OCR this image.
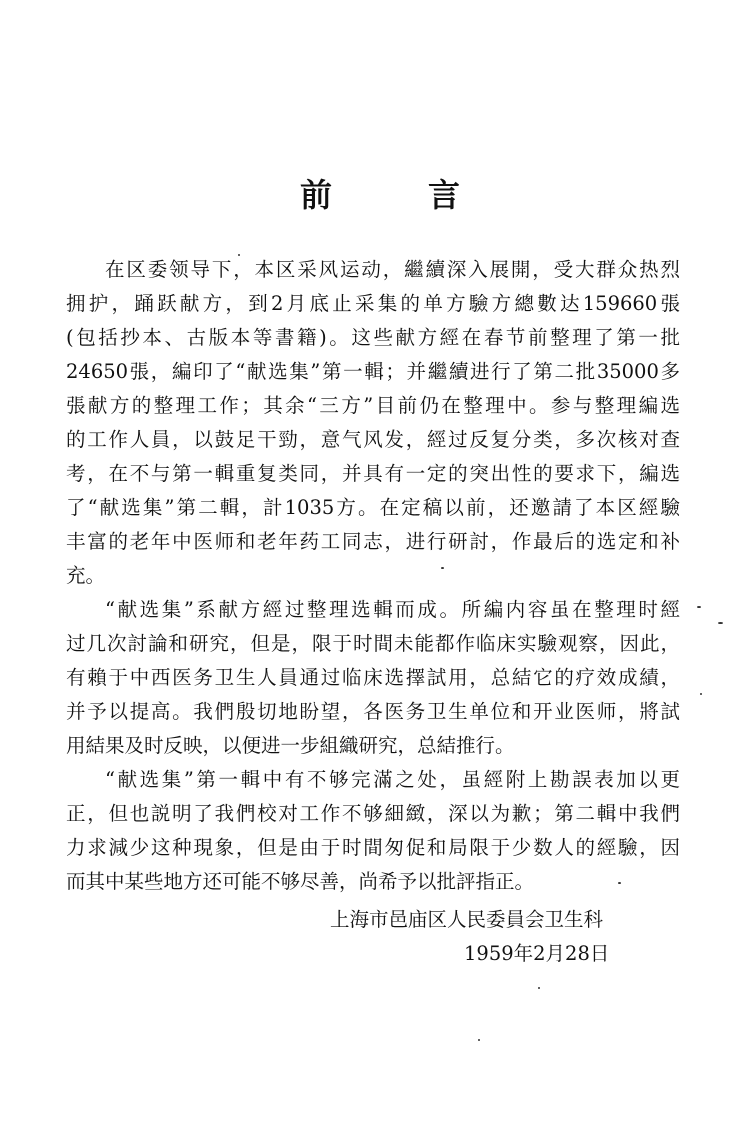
前	言
在区委领导下，本区采风运动，繼續深入展開，受大群众热烈
拥护，踊跃献方，到2月底止采集的单方驗方總數达159660張
(包括抄本、古版本等書籍)。这些献方經在春节前整理了第一批
24650張，編印了“献选集”第一輯；并繼續进行了第二批35000多
張献方的整理工作；其余“三方”目前仍在整理中。参与整理編选
的工作人員，以鼓足干勁，意气风发，經过反复分类，多次核对查
考，在不与第一輯重复类同，并具有一定的突出性的要求下，編选
了“献选集”第二輯，計1035方。在定稿以前，还邀請了本区經驗
丰富的老年中医师和老年药工同志，进行研討，作最后的选定和补
充。
“献选集”系献方經过整理选輯而成。所編内容虽在整理时經
过几次討論和研究，但是，限于时間未能都作临床实驗观察，因此，
有賴于中西医务卫生人員通过临床选擇試用，总結它的疗效成績，
并予以提高。我們殷切地盼望，各医务卫生单位和开业医师，將試
用結果及时反映，以便进一步組織研究，总結推行。
“献选集”第一輯中有不够完滿之处，虽經附上勘誤表加以更
正，但也説明了我們校对工作不够細緻，深以为歉；第二輯中我們
力求減少这种現象，但是由于时間匆促和局限于少数人的經驗，因
而其中某些地方还可能不够尽善，尚希予以批評指正。
上海市邑庙区人民委員会卫生科
1959年2月28日
